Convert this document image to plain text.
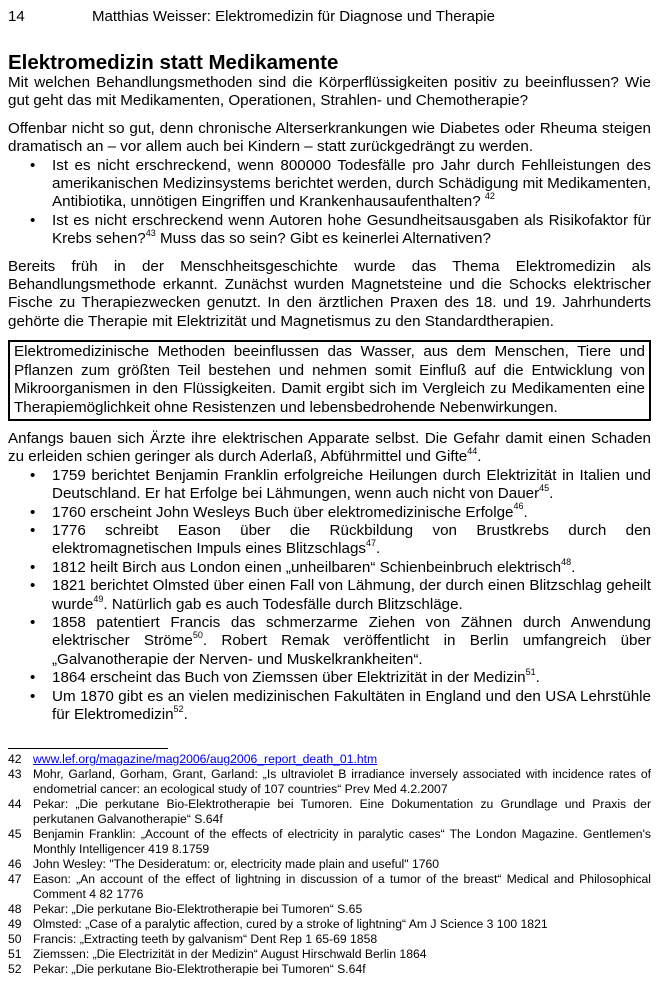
14	Matthias Weisser: Elektromedizin für Diagnose und Therapie
Elektromedizin statt Medikamente

Mit welchen Behandlungsmethoden sind die Körperflüssigkeiten positiv zu beeinflussen? Wie gut geht das mit Medikamenten, Operationen, Strahlen- und Chemotherapie?

Offenbar nicht so gut, denn chronische Alterserkrankungen wie Diabetes oder Rheuma steigen dramatisch an – vor allem auch bei Kindern – statt zurückgedrängt zu werden.

• Ist es nicht erschreckend, wenn 800000 Todesfälle pro Jahr durch Fehlleistungen des amerikanischen Medizinsystems berichtet werden, durch Schädigung mit Medikamenten, Antibiotika, unnötigen Eingriffen und Krankenhausaufenthalten? $^{42}$
• Ist es nicht erschreckend wenn Autoren hohe Gesundheitsausgaben als Risikofaktor für Krebs sehen?$^{43}$ Muss das so sein? Gibt es keinerlei Alternativen?

Bereits früh in der Menschheitsgeschichte wurde das Thema Elektromedizin als Behandlungsmethode erkannt. Zunächst wurden Magnetsteine und die Schocks elektrischer Fische zu Therapiezwecken genutzt. In den ärztlichen Praxen des 18. und 19. Jahrhunderts gehörte die Therapie mit Elektrizität und Magnetismus zu den Standardtherapien.

Elektromedizinische Methoden beeinflussen das Wasser, aus dem Menschen, Tiere und Pflanzen zum größten Teil bestehen und nehmen somit Einfluß auf die Entwicklung von Mikroorganismen in den Flüssigkeiten. Damit ergibt sich im Vergleich zu Medikamenten eine Therapiemöglichkeit ohne Resistenzen und lebensbedrohende Nebenwirkungen.

Anfangs bauen sich Ärzte ihre elektrischen Apparate selbst. Die Gefahr damit einen Schaden zu erleiden schien geringer als durch Aderlaß, Abführmittel und Gifte$^{44}$.

• 1759 berichtet Benjamin Franklin erfolgreiche Heilungen durch Elektrizität in Italien und Deutschland. Er hat Erfolge bei Lähmungen, wenn auch nicht von Dauer$^{45}$.
• 1760 erscheint John Wesleys Buch über elektromedizinische Erfolge$^{46}$.
• 1776 schreibt Eason über die Rückbildung von Brustkrebs durch den elektromagnetischen Impuls eines Blitzschlags$^{47}$.
• 1812 heilt Birch aus London einen „unheilbaren“ Schienbeinbruch elektrisch$^{48}$.
• 1821 berichtet Olmsted über einen Fall von Lähmung, der durch einen Blitzschlag geheilt wurde$^{49}$. Natürlich gab es auch Todesfälle durch Blitzschläge.
• 1858 patentiert Francis das schmerzarme Ziehen von Zähnen durch Anwendung elektrischer Ströme$^{50}$. Robert Remak veröffentlicht in Berlin umfangreich über „Galvanotherapie der Nerven- und Muskelkrankheiten“.
• 1864 erscheint das Buch von Ziemssen über Elektrizität in der Medizin$^{51}$.
• Um 1870 gibt es an vielen medizinischen Fakultäten in England und den USA Lehrstühle für Elektromedizin$^{52}$.
42 www.lef.org/magazine/mag2006/aug2006_report_death_01.htm
43 Mohr, Garland, Gorham, Grant, Garland: „Is ultraviolet B irradiance inversely associated with incidence rates of endometrial cancer: an ecological study of 107 countries“ Prev Med 4.2.2007
44 Pekar: „Die perkutane Bio-Elektrotherapie bei Tumoren. Eine Dokumentation zu Grundlage und Praxis der perkutanen Galvanotherapie“ S.64f
45 Benjamin Franklin: „Account of the effects of electricity in paralytic cases“ The London Magazine. Gentlemen's Monthly Intelligencer 419 8.1759
46 John Wesley: "The Desideratum: or, electricity made plain and useful" 1760
47 Eason: „An account of the effect of lightning in discussion of a tumor of the breast“ Medical and Philosophical Comment 4 82 1776
48 Pekar: „Die perkutane Bio-Elektrotherapie bei Tumoren“ S.65
49 Olmsted: „Case of a paralytic affection, cured by a stroke of lightning“ Am J Science 3 100 1821
50 Francis: „Extracting teeth by galvanism“ Dent Rep 1 65-69 1858
51 Ziemssen: „Die Electrizität in der Medizin“ August Hirschwald Berlin 1864
52 Pekar: „Die perkutane Bio-Elektrotherapie bei Tumoren“ S.64f
